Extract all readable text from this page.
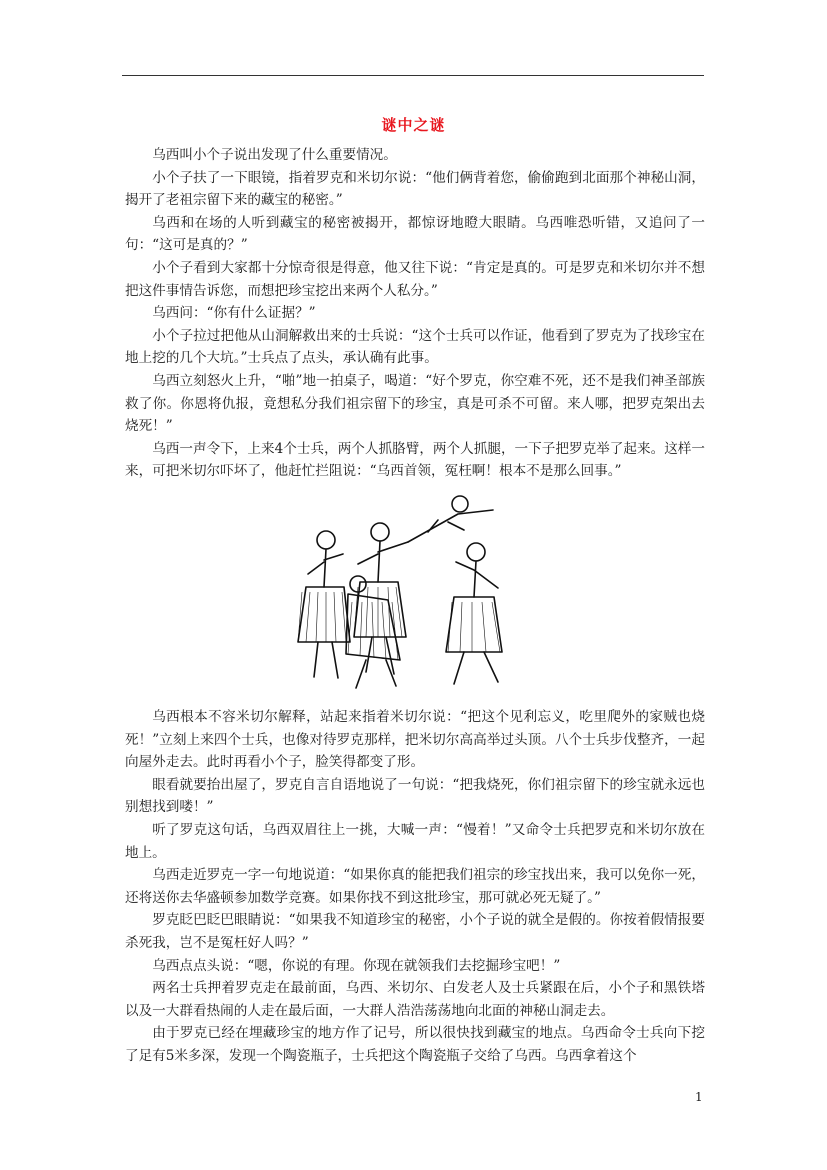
谜中之谜

乌西叫小个子说出发现了什么重要情况。

小个子扶了一下眼镜，指着罗克和米切尔说：“他们俩背着您，偷偷跑到北面那个神秘山洞，揭开了老祖宗留下来的藏宝的秘密。”

乌西和在场的人听到藏宝的秘密被揭开，都惊讶地瞪大眼睛。乌西唯恐听错，又追问了一句：“这可是真的？”

小个子看到大家都十分惊奇很是得意，他又往下说：“肯定是真的。可是罗克和米切尔并不想把这件事情告诉您，而想把珍宝挖出来两个人私分。”

乌西问：“你有什么证据？”

小个子拉过把他从山洞解救出来的士兵说：“这个士兵可以作证，他看到了罗克为了找珍宝在地上挖的几个大坑。”士兵点了点头，承认确有此事。

乌西立刻怒火上升，“啪”地一拍桌子，喝道：“好个罗克，你空难不死，还不是我们神圣部族救了你。你恩将仇报，竟想私分我们祖宗留下的珍宝，真是可杀不可留。来人哪，把罗克架出去烧死！”

乌西一声令下，上来4个士兵，两个人抓胳臂，两个人抓腿，一下子把罗克举了起来。这样一来，可把米切尔吓坏了，他赶忙拦阻说：“乌西首领，冤枉啊！根本不是那么回事。”

乌西根本不容米切尔解释，站起来指着米切尔说：“把这个见利忘义，吃里爬外的家贼也烧死！”立刻上来四个士兵，也像对待罗克那样，把米切尔高高举过头顶。八个士兵步伐整齐，一起向屋外走去。此时再看小个子，脸笑得都变了形。

眼看就要抬出屋了，罗克自言自语地说了一句说：“把我烧死，你们祖宗留下的珍宝就永远也别想找到喽！”

听了罗克这句话，乌西双眉往上一挑，大喊一声：“慢着！”又命令士兵把罗克和米切尔放在地上。

乌西走近罗克一字一句地说道：“如果你真的能把我们祖宗的珍宝找出来，我可以免你一死，还将送你去华盛顿参加数学竞赛。如果你找不到这批珍宝，那可就必死无疑了。”

罗克眨巴眨巴眼睛说：“如果我不知道珍宝的秘密，小个子说的就全是假的。你按着假情报要杀死我，岂不是冤枉好人吗？”

乌西点点头说：“嗯，你说的有理。你现在就领我们去挖掘珍宝吧！”

两名士兵押着罗克走在最前面，乌西、米切尔、白发老人及士兵紧跟在后，小个子和黑铁塔以及一大群看热闹的人走在最后面，一大群人浩浩荡荡地向北面的神秘山洞走去。

由于罗克已经在埋藏珍宝的地方作了记号，所以很快找到藏宝的地点。乌西命令士兵向下挖了足有5米多深，发现一个陶瓷瓶子，士兵把这个陶瓷瓶子交给了乌西。乌西拿着这个

1
